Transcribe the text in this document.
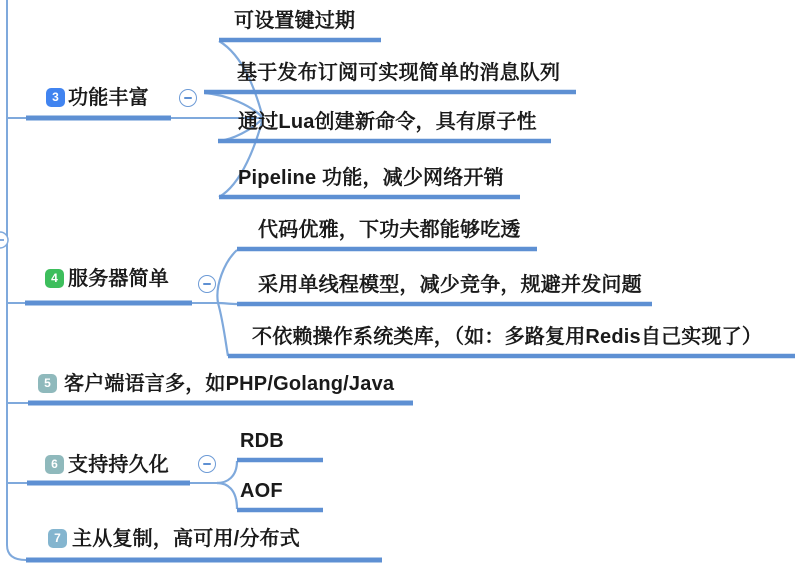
3 功能丰富
可设置键过期
基于发布订阅可实现简单的消息队列
通过Lua创建新命令，具有原子性
Pipeline 功能，减少网络开销
4 服务器简单
代码优雅，下功夫都能够吃透
采用单线程模型，减少竞争，规避并发问题
不依赖操作系统类库，（如：多路复用Redis自己实现了）
5 客户端语言多，如PHP/Golang/Java
6 支持持久化
RDB
AOF
7 主从复制，高可用/分布式
